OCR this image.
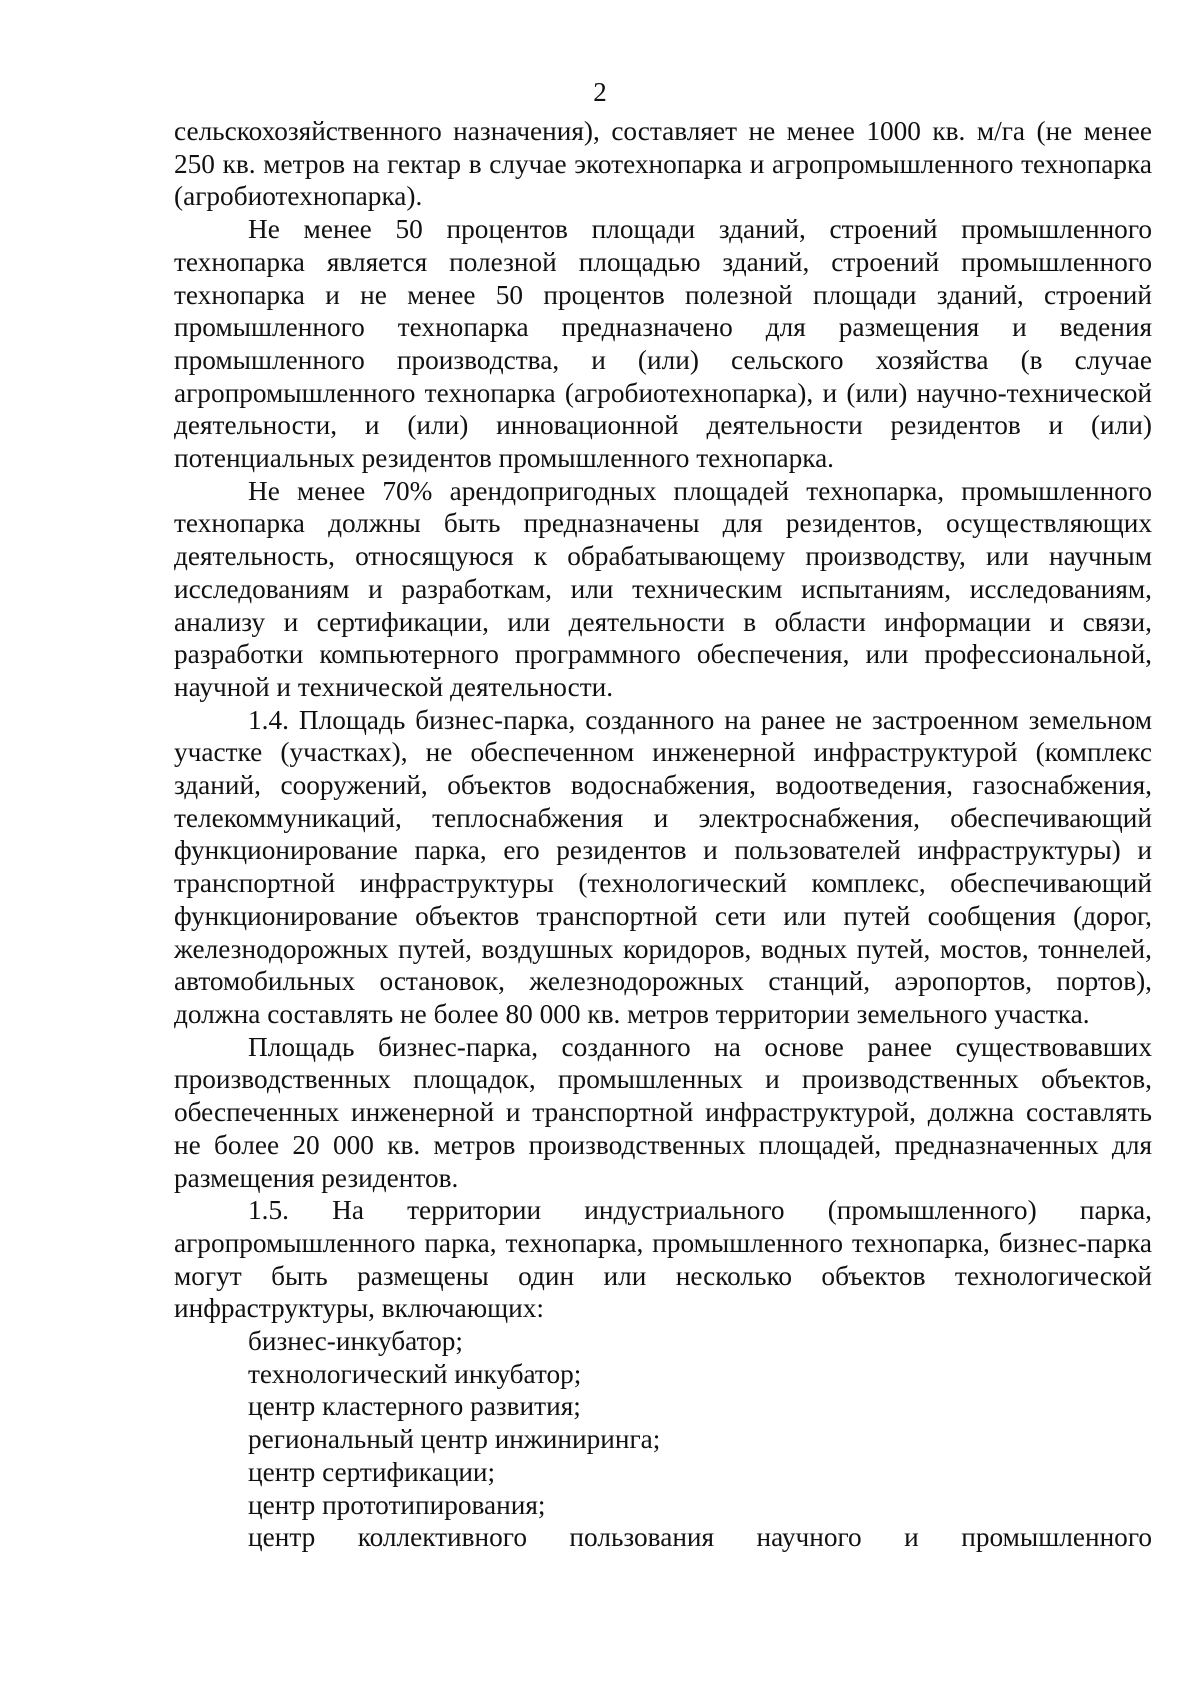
2

сельскохозяйственного назначения), составляет не менее 1000 кв. м/га (не менее 250 кв. метров на гектар в случае экотехнопарка и агропромышленного технопарка (агробиотехнопарка).

Не менее 50 процентов площади зданий, строений промышленного технопарка является полезной площадью зданий, строений промышленного технопарка и не менее 50 процентов полезной площади зданий, строений промышленного технопарка предназначено для размещения и ведения промышленного производства, и (или) сельского хозяйства (в случае агропромышленного технопарка (агробиотехнопарка), и (или) научно-технической деятельности, и (или) инновационной деятельности резидентов и (или) потенциальных резидентов промышленного технопарка.

Не менее 70% арендопригодных площадей технопарка, промышленного технопарка должны быть предназначены для резидентов, осуществляющих деятельность, относящуюся к обрабатывающему производству, или научным исследованиям и разработкам, или техническим испытаниям, исследованиям, анализу и сертификации, или деятельности в области информации и связи, разработки компьютерного программного обеспечения, или профессиональной, научной и технической деятельности.

1.4. Площадь бизнес-парка, созданного на ранее не застроенном земельном участке (участках), не обеспеченном инженерной инфраструктурой (комплекс зданий, сооружений, объектов водоснабжения, водоотведения, газоснабжения, телекоммуникаций, теплоснабжения и электроснабжения, обеспечивающий функционирование парка, его резидентов и пользователей инфраструктуры) и транспортной инфраструктуры (технологический комплекс, обеспечивающий функционирование объектов транспортной сети или путей сообщения (дорог, железнодорожных путей, воздушных коридоров, водных путей, мостов, тоннелей, автомобильных остановок, железнодорожных станций, аэропортов, портов), должна составлять не более 80 000 кв. метров территории земельного участка.

Площадь бизнес-парка, созданного на основе ранее существовавших производственных площадок, промышленных и производственных объектов, обеспеченных инженерной и транспортной инфраструктурой, должна составлять не более 20 000 кв. метров производственных площадей, предназначенных для размещения резидентов.

1.5. На территории индустриального (промышленного) парка, агропромышленного парка, технопарка, промышленного технопарка, бизнес-парка могут быть размещены один или несколько объектов технологической инфраструктуры, включающих:

бизнес-инкубатор;

технологический инкубатор;

центр кластерного развития;

региональный центр инжиниринга;

центр сертификации;

центр прототипирования;

центр коллективного пользования научного и промышленного
